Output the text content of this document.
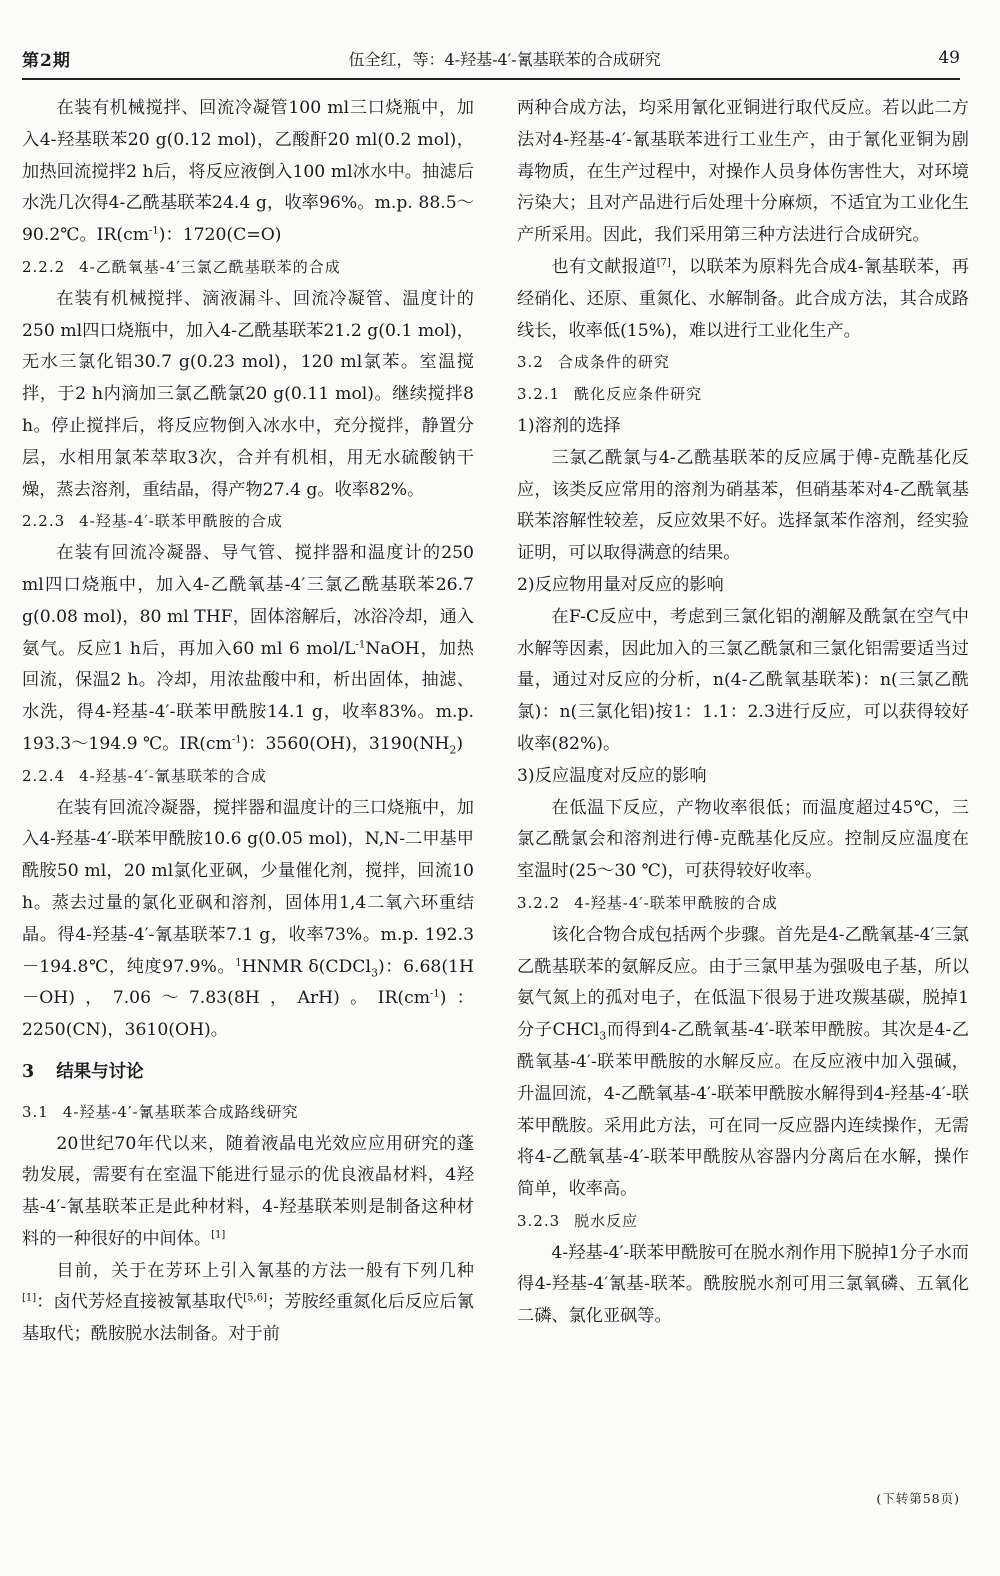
第2期	伍全红，等：4-羟基-4′-氰基联苯的合成研究	49

在装有机械搅拌、回流冷凝管100 ml三口烧瓶中，加入4-羟基联苯20 g(0.12 mol)，乙酸酐20 ml(0.2 mol)，加热回流搅拌2 h后，将反应液倒入100 ml冰水中。抽滤后水洗几次得4-乙酰基联苯24.4 g，收率96%。m.p. 88.5～90.2℃。$IR(cm^{-1})$：1720(C=O)

2.2.2 4-乙酰氧基-4′三氯乙酰基联苯的合成

在装有机械搅拌、滴液漏斗、回流冷凝管、温度计的250 ml四口烧瓶中，加入4-乙酰基联苯21.2 g(0.1 mol)，无水三氯化铝30.7 g(0.23 mol)，120 ml氯苯。室温搅拌，于2 h内滴加三氯乙酰氯20 g(0.11 mol)。继续搅拌8 h。停止搅拌后，将反应物倒入冰水中，充分搅拌，静置分层，水相用氯苯萃取3次，合并有机相，用无水硫酸钠干燥，蒸去溶剂，重结晶，得产物27.4 g。收率82%。

2.2.3 4-羟基-4′-联苯甲酰胺的合成

在装有回流冷凝器、导气管、搅拌器和温度计的250 ml四口烧瓶中，加入4-乙酰氧基-4′三氯乙酰基联苯26.7 g(0.08 mol)，80 ml THF，固体溶解后，冰浴冷却，通入氨气。反应1 h后，再加入60 ml 6 mol/$L^{-1}NaOH$，加热回流，保温2 h。冷却，用浓盐酸中和，析出固体，抽滤、水洗，得4-羟基-4′-联苯甲酰胺14.1 g，收率83%。m.p. 193.3～194.9 ℃。$IR(cm^{-1})$：3560(OH)，$3190(NH_2)$

2.2.4 4-羟基-4′-氰基联苯的合成

在装有回流冷凝器，搅拌器和温度计的三口烧瓶中，加入4-羟基-4′-联苯甲酰胺10.6 g(0.05 mol)，N,N-二甲基甲酰胺50 ml，20 ml氯化亚砜，少量催化剂，搅拌，回流10 h。蒸去过量的氯化亚砜和溶剂，固体用1,4二氧六环重结晶。得4-羟基-4′-氰基联苯7.1 g，收率73%。m.p. 192.3－194.8℃，纯度97.9%。$^1$HNMR δ(CDCl$_3$)：6.68(1H－OH)，7.06～7.83(8H，ArH)。$IR(cm^{-1})$：2250(CN)，3610(OH)。

3 结果与讨论

3.1 4-羟基-4′-氰基联苯合成路线研究

20世纪70年代以来，随着液晶电光效应应用研究的蓬勃发展，需要有在室温下能进行显示的优良液晶材料，4羟基-4′-氰基联苯正是此种材料，4-羟基联苯则是制备这种材料的一种很好的中间体。[1]

目前，关于在芳环上引入氰基的方法一般有下列几种[1]：卤代芳烃直接被氰基取代[5,6]；芳胺经重氮化后反应后氰基取代；酰胺脱水法制备。对于前

两种合成方法，均采用氰化亚铜进行取代反应。若以此二方法对4-羟基-4′-氰基联苯进行工业生产，由于氰化亚铜为剧毒物质，在生产过程中，对操作人员身体伤害性大，对环境污染大；且对产品进行后处理十分麻烦，不适宜为工业化生产所采用。因此，我们采用第三种方法进行合成研究。

也有文献报道[7]，以联苯为原料先合成4-氰基联苯，再经硝化、还原、重氮化、水解制备。此合成方法，其合成路线长，收率低(15%)，难以进行工业化生产。

3.2 合成条件的研究

3.2.1 酰化反应条件研究

1)溶剂的选择

三氯乙酰氯与4-乙酰基联苯的反应属于傅-克酰基化反应，该类反应常用的溶剂为硝基苯，但硝基苯对4-乙酰氧基联苯溶解性较差，反应效果不好。选择氯苯作溶剂，经实验证明，可以取得满意的结果。

2)反应物用量对反应的影响

在F-C反应中，考虑到三氯化铝的潮解及酰氯在空气中水解等因素，因此加入的三氯乙酰氯和三氯化铝需要适当过量，通过对反应的分析，n(4-乙酰氧基联苯)：n(三氯乙酰氯)：n(三氯化铝)按1：1.1：2.3进行反应，可以获得较好收率(82%)。

3)反应温度对反应的影响

在低温下反应，产物收率很低；而温度超过45℃，三氯乙酰氯会和溶剂进行傅-克酰基化反应。控制反应温度在室温时(25～30 ℃)，可获得较好收率。

3.2.2 4-羟基-4′-联苯甲酰胺的合成

该化合物合成包括两个步骤。首先是4-乙酰氧基-4′三氯乙酰基联苯的氨解反应。由于三氯甲基为强吸电子基，所以氨气氮上的孤对电子，在低温下很易于进攻羰基碳，脱掉1分子CHCl$_3$而得到4-乙酰氧基-4′-联苯甲酰胺。其次是4-乙酰氧基-4′-联苯甲酰胺的水解反应。在反应液中加入强碱，升温回流，4-乙酰氧基-4′-联苯甲酰胺水解得到4-羟基-4′-联苯甲酰胺。采用此方法，可在同一反应器内连续操作，无需将4-乙酰氧基-4′-联苯甲酰胺从容器内分离后在水解，操作简单，收率高。

3.2.3 脱水反应

4-羟基-4′-联苯甲酰胺可在脱水剂作用下脱掉1分子水而得4-羟基-4′氰基-联苯。酰胺脱水剂可用三氯氧磷、五氧化二磷、氯化亚砜等。

(下转第58页)
